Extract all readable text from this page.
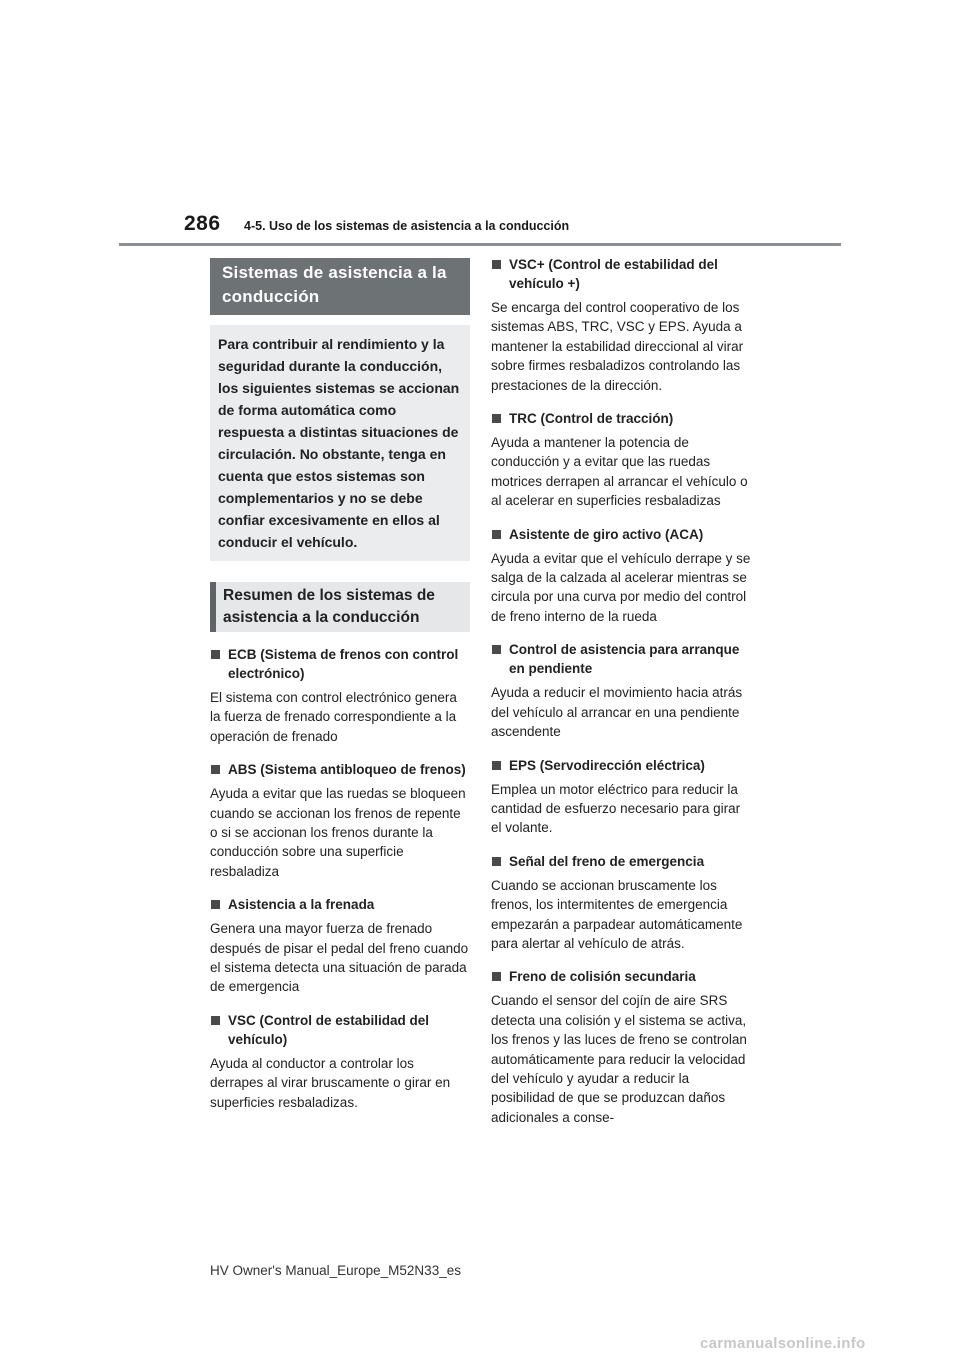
286 4-5. Uso de los sistemas de asistencia a la conducción
Sistemas de asistencia a la conducción
Para contribuir al rendimiento y la seguridad durante la conducción, los siguientes sistemas se accionan de forma automática como respuesta a distintas situaciones de circulación. No obstante, tenga en cuenta que estos sistemas son complementarios y no se debe confiar excesivamente en ellos al conducir el vehículo.
Resumen de los sistemas de asistencia a la conducción
ECB (Sistema de frenos con control electrónico)
El sistema con control electrónico genera la fuerza de frenado correspondiente a la operación de frenado
ABS (Sistema antibloqueo de frenos)
Ayuda a evitar que las ruedas se bloqueen cuando se accionan los frenos de repente o si se accionan los frenos durante la conducción sobre una superficie resbaladiza
Asistencia a la frenada
Genera una mayor fuerza de frenado después de pisar el pedal del freno cuando el sistema detecta una situación de parada de emergencia
VSC (Control de estabilidad del vehículo)
Ayuda al conductor a controlar los derrapes al virar bruscamente o girar en superficies resbaladizas.
VSC+ (Control de estabilidad del vehículo +)
Se encarga del control cooperativo de los sistemas ABS, TRC, VSC y EPS. Ayuda a mantener la estabilidad direccional al virar sobre firmes resbaladizos controlando las prestaciones de la dirección.
TRC (Control de tracción)
Ayuda a mantener la potencia de conducción y a evitar que las ruedas motrices derrapen al arrancar el vehículo o al acelerar en superficies resbaladizas
Asistente de giro activo (ACA)
Ayuda a evitar que el vehículo derrape y se salga de la calzada al acelerar mientras se circula por una curva por medio del control de freno interno de la rueda
Control de asistencia para arranque en pendiente
Ayuda a reducir el movimiento hacia atrás del vehículo al arrancar en una pendiente ascendente
EPS (Servodirección eléctrica)
Emplea un motor eléctrico para reducir la cantidad de esfuerzo necesario para girar el volante.
Señal del freno de emergencia
Cuando se accionan bruscamente los frenos, los intermitentes de emergencia empezarán a parpadear automáticamente para alertar al vehículo de atrás.
Freno de colisión secundaria
Cuando el sensor del cojín de aire SRS detecta una colisión y el sistema se activa, los frenos y las luces de freno se controlan automáticamente para reducir la velocidad del vehículo y ayudar a reducir la posibilidad de que se produzcan daños adicionales a conse-
HV Owner's Manual_Europe_M52N33_es
carmanualsonline.info
